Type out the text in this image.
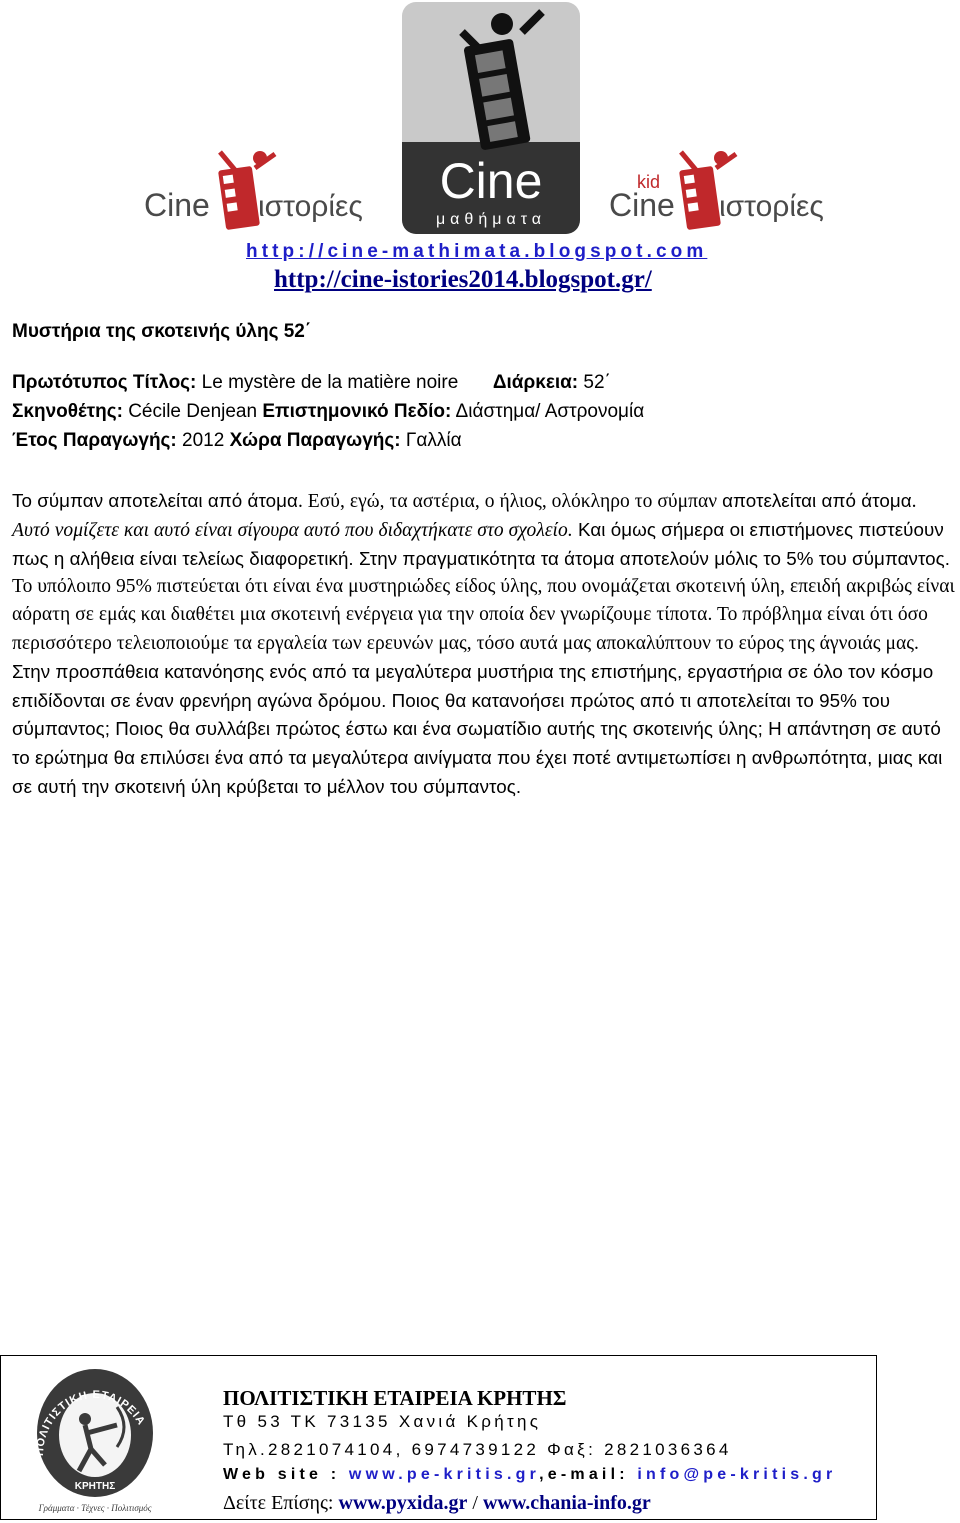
Cine ιστορίες Cine
μαθήματα
kid
Cine ιστορίες
http://cine-mathimata.blogspot.com
http://cine-istories2014.blogspot.gr/
Μυστήρια της σκοτεινής ύλης 52΄
Πρωτότυπος Τίτλος: Le mystère de la matière noire Διάρκεια: 52΄
Σκηνοθέτης: Cécile Denjean Επιστημονικό Πεδίο: Διάστημα/ Αστρονομία
Έτος Παραγωγής: 2012 Χώρα Παραγωγής: Γαλλία

Το σύμπαν αποτελείται από άτομα. Εσύ, εγώ, τα αστέρια, ο ήλιος, ολόκληρο το σύμπαν αποτελείται από άτομα. Αυτό νομίζετε και αυτό είναι σίγουρα αυτό που διδαχτήκατε στο σχολείο. Και όμως σήμερα οι επιστήμονες πιστεύουν πως η αλήθεια είναι τελείως διαφορετική. Στην πραγματικότητα τα άτομα αποτελούν μόλις το 5% του σύμπαντος. Το υπόλοιπο 95% πιστεύεται ότι είναι ένα μυστηριώδες είδος ύλης, που ονομάζεται σκοτεινή ύλη, επειδή ακριβώς είναι αόρατη σε εμάς και διαθέτει μια σκοτεινή ενέργεια για την οποία δεν γνωρίζουμε τίποτα. Το πρόβλημα είναι ότι όσο περισσότερο τελειοποιούμε τα εργαλεία των ερευνών μας, τόσο αυτά μας αποκαλύπτουν το εύρος της άγνοιάς μας. Στην προσπάθεια κατανόησης ενός από τα μεγαλύτερα μυστήρια της επιστήμης, εργαστήρια σε όλο τον κόσμο επιδίδονται σε έναν φρενήρη αγώνα δρόμου. Ποιος θα κατανοήσει πρώτος από τι αποτελείται το 95% του σύμπαντος; Ποιος θα συλλάβει πρώτος έστω και ένα σωματίδιο αυτής της σκοτεινής ύλης; Η απάντηση σε αυτό το ερώτημα θα επιλύσει ένα από τα μεγαλύτερα αινίγματα που έχει ποτέ αντιμετωπίσει η ανθρωπότητα, μιας και σε αυτή την σκοτεινή ύλη κρύβεται το μέλλον του σύμπαντος.

ΠΟΛΙΤΙΣΤΙΚΗ ΕΤΑΙΡΕΙΑ
ΚΡΗΤΗΣ
Γράμματα · Τέχνες · Πολιτισμός
ΠΟΛΙΤΙΣΤΙΚΗ ΕΤΑΙΡΕΙΑ ΚΡΗΤΗΣ
Τθ 53 ΤΚ 73135 Χανιά Κρήτης
Τηλ.2821074104, 6974739122 Φαξ: 2821036364
Web site : www.pe-kritis.gr,e-mail: info@pe-kritis.gr
Δείτε Επίσης: www.pyxida.gr / www.chania-info.gr
